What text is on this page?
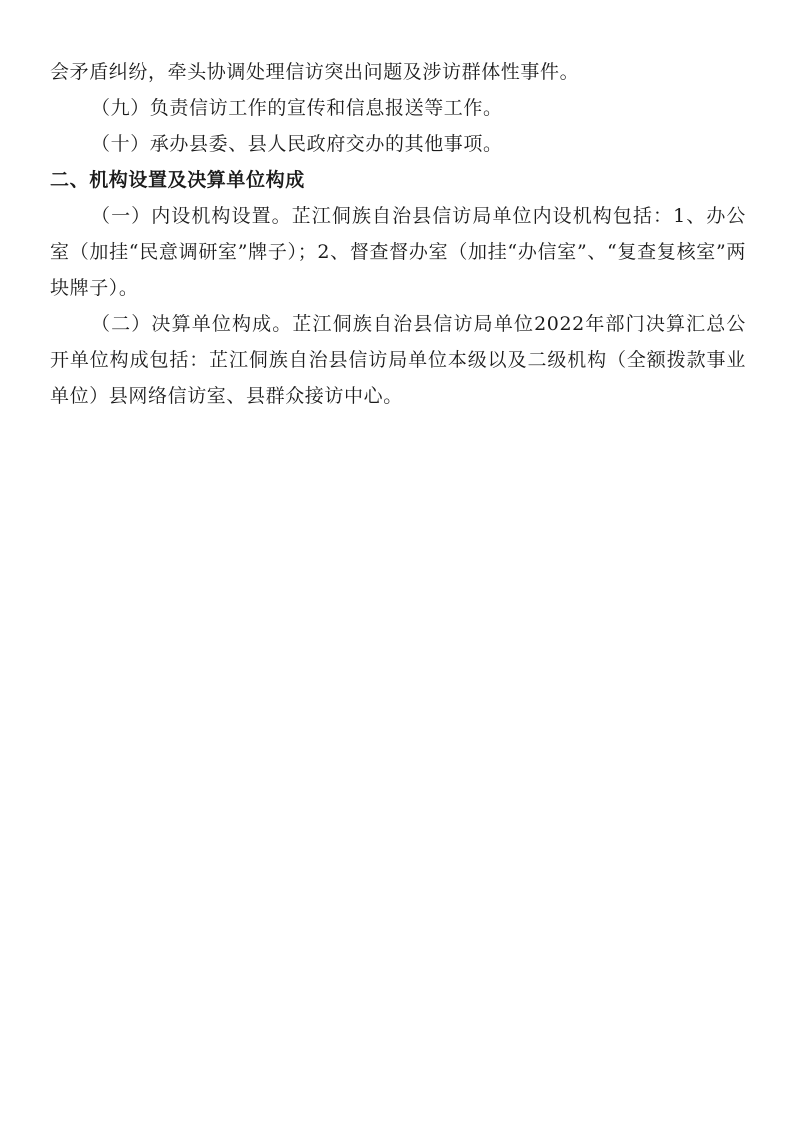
会矛盾纠纷，牵头协调处理信访突出问题及涉访群体性事件。

（九）负责信访工作的宣传和信息报送等工作。

（十）承办县委、县人民政府交办的其他事项。

二、机构设置及决算单位构成

（一）内设机构设置。芷江侗族自治县信访局单位内设机构包括：1、办公室（加挂“民意调研室”牌子）；2、督查督办室（加挂“办信室”、“复查复核室”两块牌子）。

（二）决算单位构成。芷江侗族自治县信访局单位2022年部门决算汇总公开单位构成包括：芷江侗族自治县信访局单位本级以及二级机构（全额拨款事业单位）县网络信访室、县群众接访中心。
